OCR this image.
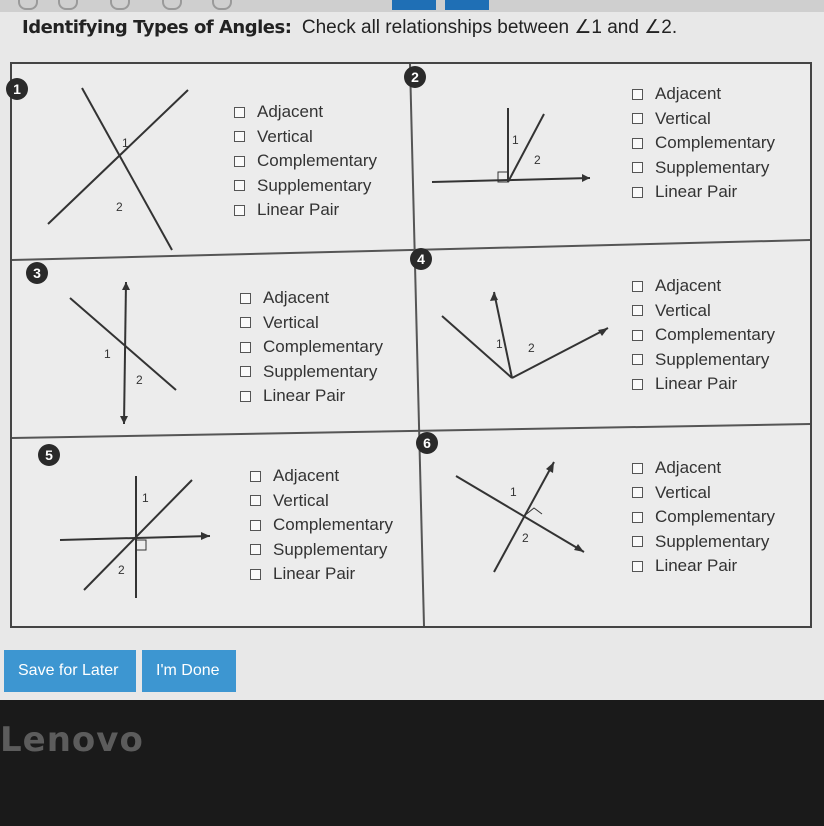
Identifying Types of Angles: Check all relationships between ∠1 and ∠2.
1
1
2
Adjacent
Vertical
Complementary
Supplementary
Linear Pair
2
1
2
Adjacent
Vertical
Complementary
Supplementary
Linear Pair
3
1
2
Adjacent
Vertical
Complementary
Supplementary
Linear Pair
4
1 2
Adjacent
Vertical
Complementary
Supplementary
Linear Pair
5
1
2
Adjacent
Vertical
Complementary
Supplementary
Linear Pair
6
1
2
Adjacent
Vertical
Complementary
Supplementary
Linear Pair
Save for Later	I'm Done
Lenovo
